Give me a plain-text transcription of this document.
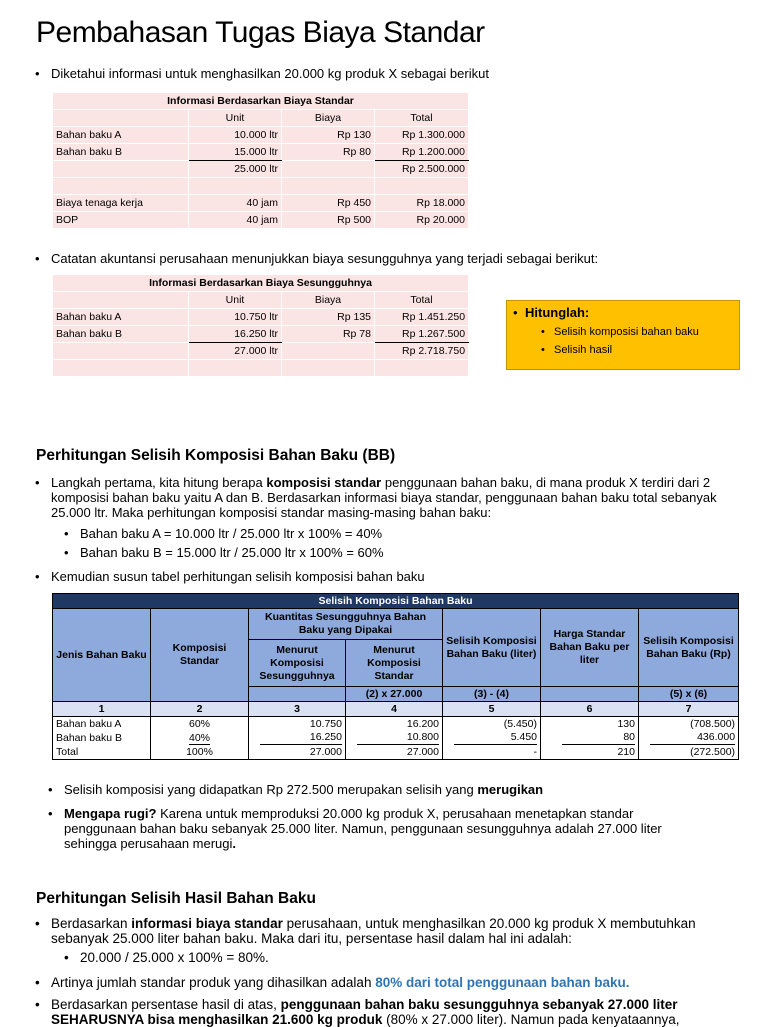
Pembahasan Tugas Biaya Standar
• Diketahui informasi untuk menghasilkan 20.000 kg produk X sebagai berikut
Informasi Berdasarkan Biaya Standar			
	Unit	Biaya	Total
Bahan baku A	10.000 ltr	Rp 130	Rp 1.300.000
Bahan baku B	15.000 ltr	Rp 80	Rp 1.200.000
	25.000 ltr		Rp 2.500.000

Biaya tenaga kerja	40 jam	Rp 450	Rp 18.000
BOP	40 jam	Rp 500	Rp 20.000
• Catatan akuntansi perusahaan menunjukkan biaya sesungguhnya yang terjadi sebagai berikut:
Informasi Berdasarkan Biaya Sesungguhnya			
	Unit	Biaya	Total
Bahan baku A	10.750 ltr	Rp 135	Rp 1.451.250
Bahan baku B	16.250 ltr	Rp 78	Rp 1.267.500
	27.000 ltr		Rp 2.718.750

• Hitunglah:
• Selisih komposisi bahan baku
• Selisih hasil
Perhitungan Selisih Komposisi Bahan Baku (BB)
• Langkah pertama, kita hitung berapa komposisi standar penggunaan bahan baku, di mana produk X terdiri dari 2
komposisi bahan baku yaitu A dan B. Berdasarkan informasi biaya standar, penggunaan bahan baku total sebanyak
25.000 ltr. Maka perhitungan komposisi standar masing-masing bahan baku:
• Bahan baku A = 10.000 ltr / 25.000 ltr x 100% = 40%
• Bahan baku B = 15.000 ltr / 25.000 ltr x 100% = 60%
• Kemudian susun tabel perhitungan selisih komposisi bahan baku
Selisih Komposisi Bahan Baku						
Jenis Bahan Baku	Komposisi Standar	Kuantitas Sesungguhnya Bahan Baku yang Dipakai		Selisih Komposisi Bahan Baku (liter)	Harga Standar Bahan Baku per liter	Selisih Komposisi Bahan Baku (Rp)
		Menurut Komposisi Sesungguhnya	Menurut Komposisi Standar			
			(2) x 27.000	(3) - (4)		(5) x (6)
1	2	3	4	5	6	7
Bahan baku A	60%	10.750	16.200	(5.450)	130	(708.500)
Bahan baku B	40%	16.250	10.800	5.450	80	436.000

Total	100%	27.000	27.000	-	210	(272.500)
• Selisih komposisi yang didapatkan Rp 272.500 merupakan selisih yang merugikan
• Mengapa rugi? Karena untuk memproduksi 20.000 kg produk X, perusahaan menetapkan standar
penggunaan bahan baku sebanyak 25.000 liter. Namun, penggunaan sesungguhnya adalah 27.000 liter
sehingga perusahaan merugi.
Perhitungan Selisih Hasil Bahan Baku
• Berdasarkan informasi biaya standar perusahaan, untuk menghasilkan 20.000 kg produk X membutuhkan
sebanyak 25.000 liter bahan baku. Maka dari itu, persentase hasil dalam hal ini adalah:
• 20.000 / 25.000 x 100% = 80%.
• Artinya jumlah standar produk yang dihasilkan adalah 80% dari total penggunaan bahan baku.
• Berdasarkan persentase hasil di atas, penggunaan bahan baku sesungguhnya sebanyak 27.000 liter
SEHARUSNYA bisa menghasilkan 21.600 kg produk (80% x 27.000 liter). Namun pada kenyataannya,
